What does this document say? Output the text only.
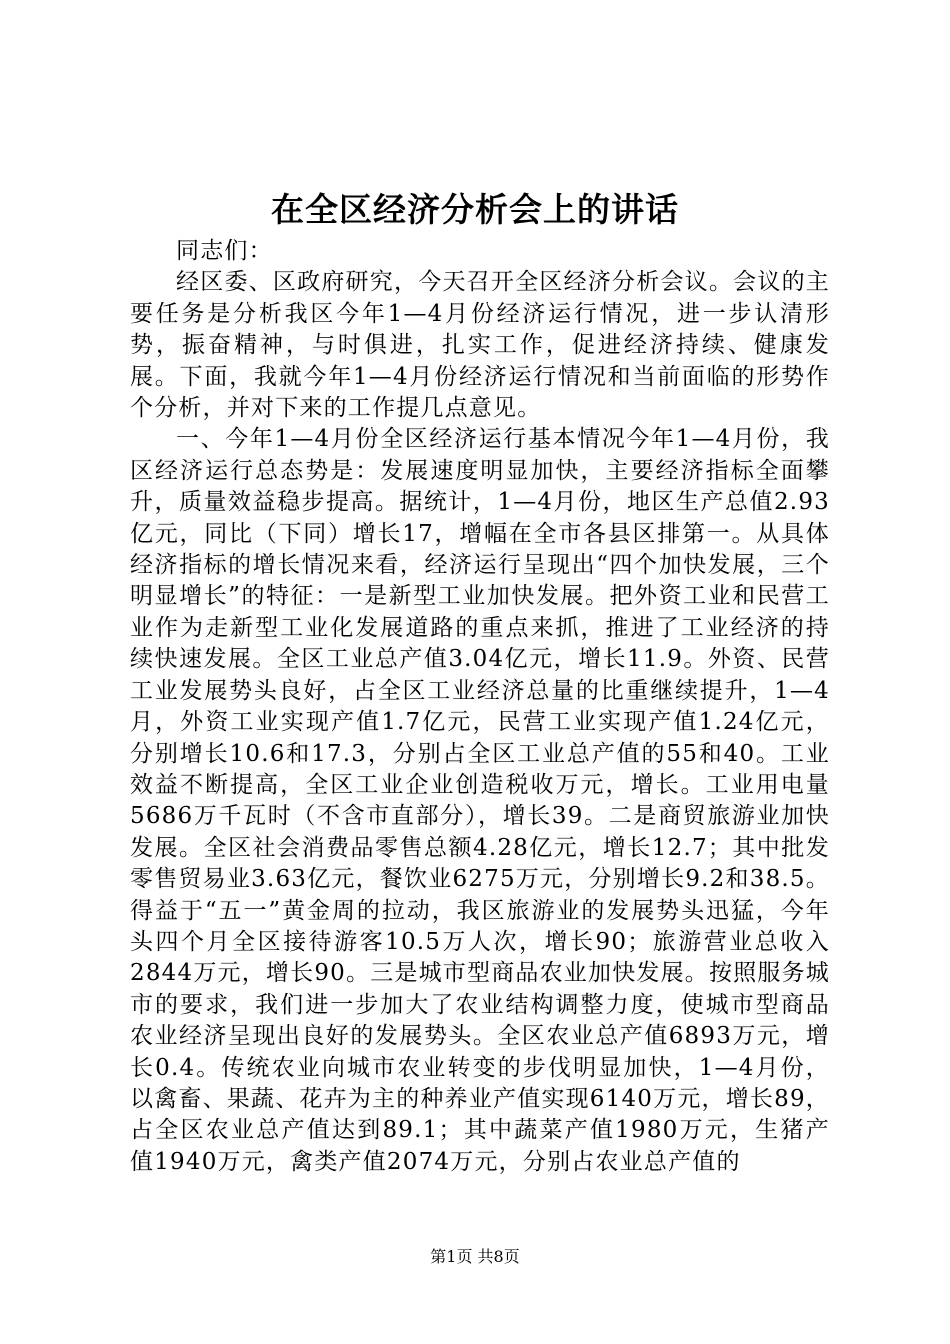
在全区经济分析会上的讲话

同志们：

经区委、区政府研究，今天召开全区经济分析会议。会议的主要任务是分析我区今年1—4月份经济运行情况，进一步认清形势，振奋精神，与时俱进，扎实工作，促进经济持续、健康发展。下面，我就今年1—4月份经济运行情况和当前面临的形势作个分析，并对下来的工作提几点意见。

一、今年1—4月份全区经济运行基本情况今年1—4月份，我区经济运行总态势是：发展速度明显加快，主要经济指标全面攀升，质量效益稳步提高。据统计，1—4月份，地区生产总值2.93亿元，同比（下同）增长17，增幅在全市各县区排第一。从具体经济指标的增长情况来看，经济运行呈现出“四个加快发展，三个明显增长”的特征：一是新型工业加快发展。把外资工业和民营工业作为走新型工业化发展道路的重点来抓，推进了工业经济的持续快速发展。全区工业总产值3.04亿元，增长11.9。外资、民营工业发展势头良好，占全区工业经济总量的比重继续提升，1—4月，外资工业实现产值1.7亿元，民营工业实现产值1.24亿元，分别增长10.6和17.3，分别占全区工业总产值的55和40。工业效益不断提高，全区工业企业创造税收万元，增长。工业用电量5686万千瓦时（不含市直部分），增长39。二是商贸旅游业加快发展。全区社会消费品零售总额4.28亿元，增长12.7；其中批发零售贸易业3.63亿元，餐饮业6275万元，分别增长9.2和38.5。得益于“五一”黄金周的拉动，我区旅游业的发展势头迅猛，今年头四个月全区接待游客10.5万人次，增长90；旅游营业总收入2844万元，增长90。三是城市型商品农业加快发展。按照服务城市的要求，我们进一步加大了农业结构调整力度，使城市型商品农业经济呈现出良好的发展势头。全区农业总产值6893万元，增长0.4。传统农业向城市农业转变的步伐明显加快，1—4月份，以禽畜、果蔬、花卉为主的种养业产值实现6140万元，增长89，占全区农业总产值达到89.1；其中蔬菜产值1980万元，生猪产值1940万元，禽类产值2074万元，分别占农业总产值的

第1页 共8页
